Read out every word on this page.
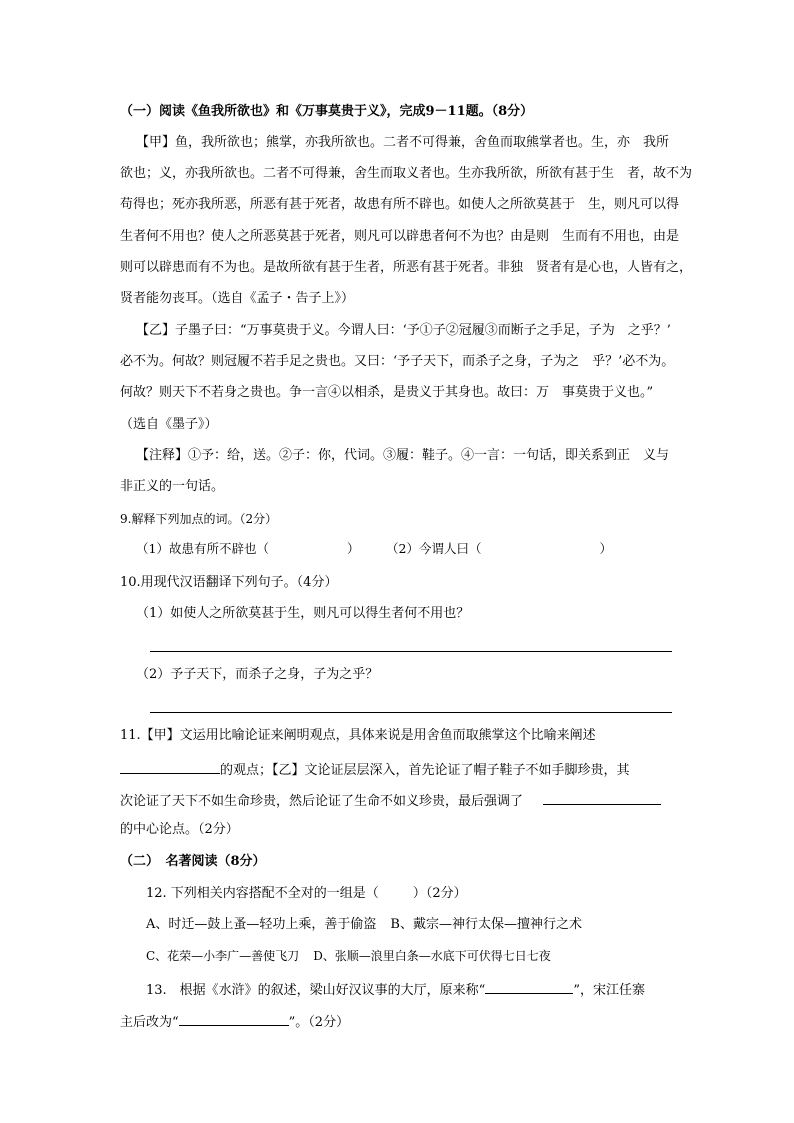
（一）阅读《鱼我所欲也》和《万事莫贵于义》，完成9－11题。（8分）
【甲】鱼，我所欲也；熊掌，亦我所欲也。二者不可得兼，舍鱼而取熊掌者也。生，亦　我所
欲也；义，亦我所欲也。二者不可得兼，舍生而取义者也。生亦我所欲，所欲有甚于生　者，故不为
苟得也；死亦我所恶，所恶有甚于死者，故患有所不辟也。如使人之所欲莫甚于　生，则凡可以得
生者何不用也？使人之所恶莫甚于死者，则凡可以辟患者何不为也？由是则　生而有不用也，由是
则可以辟患而有不为也。是故所欲有甚于生者，所恶有甚于死者。非独　贤者有是心也，人皆有之，
贤者能勿丧耳。（选自《孟子・告子上》）
【乙】子墨子曰：“万事莫贵于义。今谓人曰：‘予①子②冠履③而断子之手足，子为　之乎？’
必不为。何故？则冠履不若手足之贵也。又曰：‘予子天下，而杀子之身，子为之　乎？’必不为。
何故？则天下不若身之贵也。争一言④以相杀，是贵义于其身也。故曰：万　事莫贵于义也。”
（选自《墨子》）
【注释】①予：给，送。②子：你，代词。③履：鞋子。④一言：一句话，即关系到正　义与
非正义的一句话。
9.解释下列加点的词。（2分）
（1）故患有所不辟也（	） （2）今谓人曰（	）
10.用现代汉语翻译下列句子。（4分）
（1）如使人之所欲莫甚于生，则凡可以得生者何不用也？
（2）予子天下，而杀子之身，子为之乎？
11.【甲】文运用比喻论证来阐明观点，具体来说是用舍鱼而取熊掌这个比喻来阐述
的观点；【乙】文论证层层深入，首先论证了帽子鞋子不如手脚珍贵，其
次论证了天下不如生命珍贵，然后论证了生命不如义珍贵，最后强调了
的中心论点。（2分）
（二）　名著阅读（8分）
12. 下列相关内容搭配不全对的一组是（	）（2分）
A、时迁—鼓上蚤—轻功上乘，善于偷盗 B、戴宗—神行太保—擅神行之术
C、花荣—小李广—善使飞刀 D、张顺—浪里白条—水底下可伏得七日七夜
13.　根据《水浒》的叙述，梁山好汉议事的大厅，原来称“	”，宋江任寨
主后改为“	”。（2分）
